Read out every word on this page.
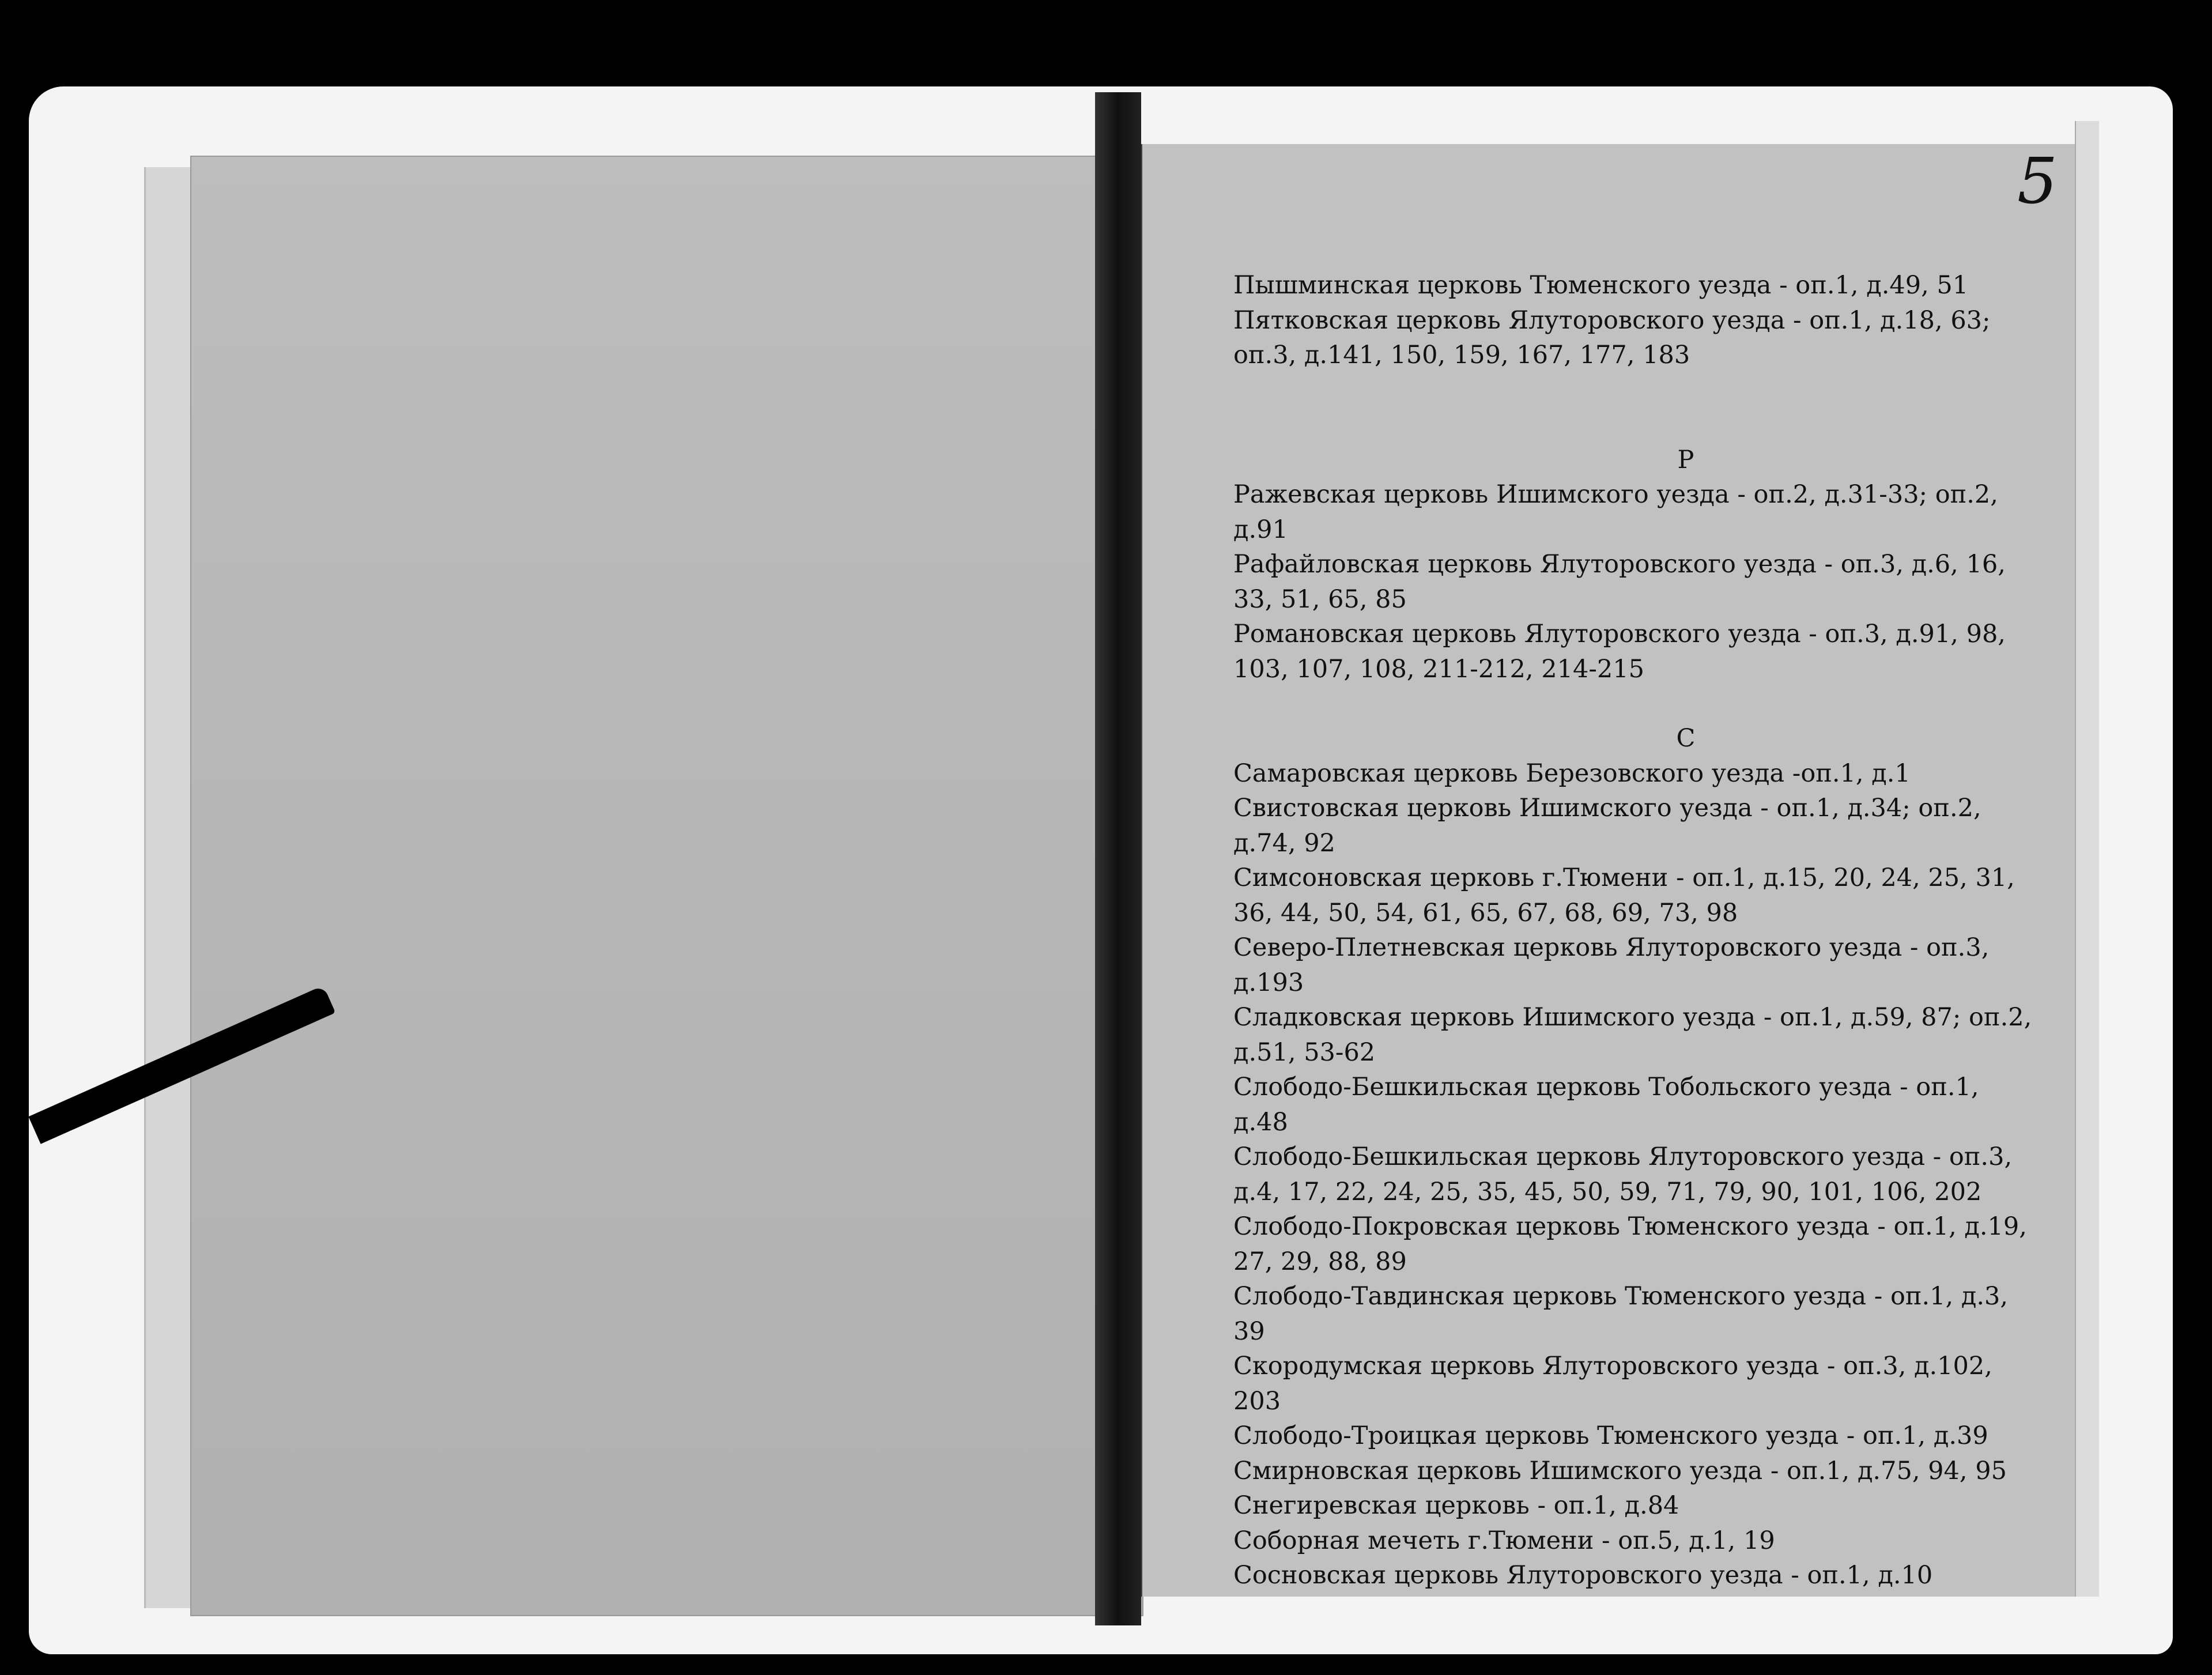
5
Пышминская церковь Тюменского уезда - оп.1, д.49, 51
Пятковская церковь Ялуторовского уезда - оп.1, д.18, 63; оп.3, д.141, 150, 159, 167, 177, 183
Р
Ражевская церковь Ишимского уезда - оп.2, д.31-33; оп.2, д.91
Рафайловская церковь Ялуторовского уезда - оп.3, д.6, 16, 33, 51, 65, 85
Романовская церковь Ялуторовского уезда - оп.3, д.91, 98, 103, 107, 108, 211-212, 214-215
С
Самаровская церковь Березовского уезда -оп.1, д.1
Свистовская церковь Ишимского уезда - оп.1, д.34; оп.2, д.74, 92
Симсоновская церковь г.Тюмени - оп.1, д.15, 20, 24, 25, 31, 36, 44, 50, 54, 61, 65, 67, 68, 69, 73, 98
Северо-Плетневская церковь Ялуторовского уезда - оп.3, д.193
Сладковская церковь Ишимского уезда - оп.1, д.59, 87; оп.2, д.51, 53-62
Слободо-Бешкильская церковь Тобольского уезда - оп.1, д.48
Слободо-Бешкильская церковь Ялуторовского уезда - оп.3, д.4, 17, 22, 24, 25, 35, 45, 50, 59, 71, 79, 90, 101, 106, 202
Слободо-Покровская церковь Тюменского уезда - оп.1, д.19, 27, 29, 88, 89
Слободо-Тавдинская церковь Тюменского уезда - оп.1, д.3, 39
Скородумская церковь Ялуторовского уезда - оп.3, д.102, 203
Слободо-Троицкая церковь Тюменского уезда - оп.1, д.39
Смирновская церковь Ишимского уезда - оп.1, д.75, 94, 95
Снегиревская церковь - оп.1, д.84
Соборная мечеть г.Тюмени - оп.5, д.1, 19
Сосновская церковь Ялуторовского уезда - оп.1, д.10
